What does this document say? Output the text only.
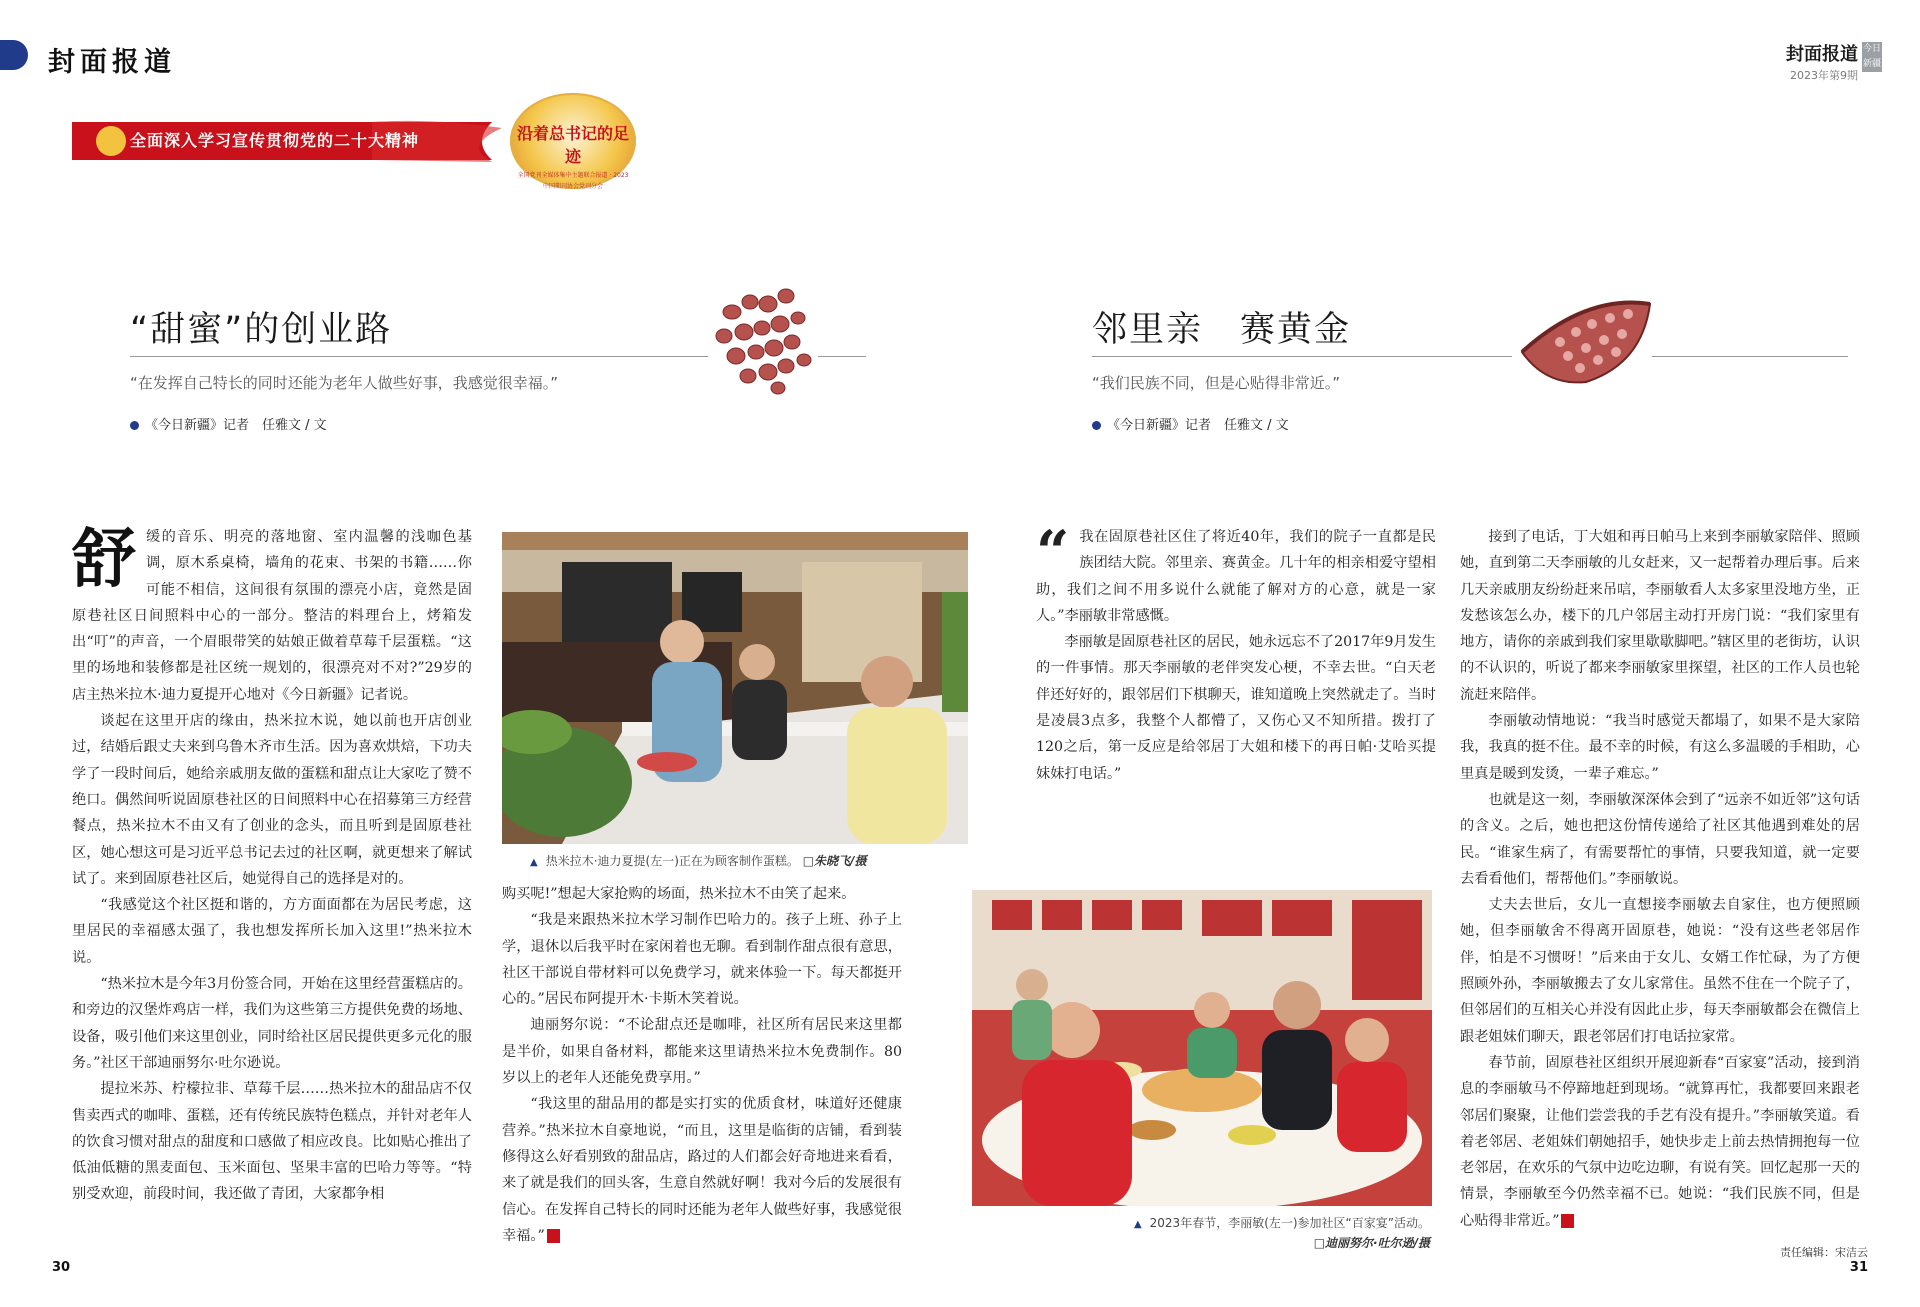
封面报道	封面报道
2023年第9期
今日新疆
全面深入学习宣传贯彻党的二十大精神	沿着总书记的足迹
全国党刊全媒体集中主题联合报道 · 2023
中国期刊协会党刊分会
“甜蜜”的创业路
“在发挥自己特长的同时还能为老年人做些好事，我感觉很幸福。”
《今日新疆》记者　任雅文 / 文
邻里亲　赛黄金
“我们民族不同，但是心贴得非常近。”
《今日新疆》记者　任雅文 / 文

舒缓的音乐、明亮的落地窗、室内温馨的浅咖色基调，原木系桌椅，墙角的花束、书架的书籍……你可能不相信，这间很有氛围的漂亮小店，竟然是固原巷社区日间照料中心的一部分。整洁的料理台上，烤箱发出“叮”的声音，一个眉眼带笑的姑娘正做着草莓千层蛋糕。“这里的场地和装修都是社区统一规划的，很漂亮对不对?”29岁的店主热米拉木·迪力夏提开心地对《今日新疆》记者说。

谈起在这里开店的缘由，热米拉木说，她以前也开店创业过，结婚后跟丈夫来到乌鲁木齐市生活。因为喜欢烘焙，下功夫学了一段时间后，她给亲戚朋友做的蛋糕和甜点让大家吃了赞不绝口。偶然间听说固原巷社区的日间照料中心在招募第三方经营餐点，热米拉木不由又有了创业的念头，而且听到是固原巷社区，她心想这可是习近平总书记去过的社区啊，就更想来了解试试了。来到固原巷社区后，她觉得自己的选择是对的。

“我感觉这个社区挺和谐的，方方面面都在为居民考虑，这里居民的幸福感太强了，我也想发挥所长加入这里!”热米拉木说。

“热米拉木是今年3月份签合同，开始在这里经营蛋糕店的。和旁边的汉堡炸鸡店一样，我们为这些第三方提供免费的场地、设备，吸引他们来这里创业，同时给社区居民提供更多元化的服务。”社区干部迪丽努尔·吐尔逊说。

提拉米苏、柠檬拉非、草莓千层……热米拉木的甜品店不仅售卖西式的咖啡、蛋糕，还有传统民族特色糕点，并针对老年人的饮食习惯对甜点的甜度和口感做了相应改良。比如贴心推出了低油低糖的黑麦面包、玉米面包、坚果丰富的巴哈力等等。“特别受欢迎，前段时间，我还做了青团，大家都争相

▲ 热米拉木·迪力夏提(左一)正在为顾客制作蛋糕。 □朱晓飞/摄

购买呢!”想起大家抢购的场面，热米拉木不由笑了起来。

“我是来跟热米拉木学习制作巴哈力的。孩子上班、孙子上学，退休以后我平时在家闲着也无聊。看到制作甜点很有意思，社区干部说自带材料可以免费学习，就来体验一下。每天都挺开心的。”居民布阿提开木·卡斯木笑着说。

迪丽努尔说：“不论甜点还是咖啡，社区所有居民来这里都是半价，如果自备材料，都能来这里请热米拉木免费制作。80岁以上的老年人还能免费享用。”

“我这里的甜品用的都是实打实的优质食材，味道好还健康营养。”热米拉木自豪地说，“而且，这里是临街的店铺，看到装修得这么好看别致的甜品店，路过的人们都会好奇地进来看看，来了就是我们的回头客，生意自然就好啊！我对今后的发展很有信心。在发挥自己特长的同时还能为老年人做些好事，我感觉很幸福。”	J

“ 我在固原巷社区住了将近40年，我们的院子一直都是民族团结大院。邻里亲、赛黄金。几十年的相亲相爱守望相助，我们之间不用多说什么就能了解对方的心意，就是一家人。”李丽敏非常感慨。

李丽敏是固原巷社区的居民，她永远忘不了2017年9月发生的一件事情。那天李丽敏的老伴突发心梗，不幸去世。“白天老伴还好好的，跟邻居们下棋聊天，谁知道晚上突然就走了。当时是凌晨3点多，我整个人都懵了，又伤心又不知所措。拨打了120之后，第一反应是给邻居丁大姐和楼下的再日帕·艾哈买提妹妹打电话。”

▲ 2023年春节，李丽敏(左一)参加社区“百家宴”活动。
□迪丽努尔·吐尔逊/摄

接到了电话，丁大姐和再日帕马上来到李丽敏家陪伴、照顾她，直到第二天李丽敏的儿女赶来，又一起帮着办理后事。后来几天亲戚朋友纷纷赶来吊唁，李丽敏看人太多家里没地方坐，正发愁该怎么办，楼下的几户邻居主动打开房门说：“我们家里有地方，请你的亲戚到我们家里歇歇脚吧。”辖区里的老街坊，认识的不认识的，听说了都来李丽敏家里探望，社区的工作人员也轮流赶来陪伴。

李丽敏动情地说：“我当时感觉天都塌了，如果不是大家陪我，我真的挺不住。最不幸的时候，有这么多温暖的手相助，心里真是暖到发烫，一辈子难忘。”

也就是这一刻，李丽敏深深体会到了“远亲不如近邻”这句话的含义。之后，她也把这份情传递给了社区其他遇到难处的居民。“谁家生病了，有需要帮忙的事情，只要我知道，就一定要去看看他们，帮帮他们。”李丽敏说。

丈夫去世后，女儿一直想接李丽敏去自家住，也方便照顾她，但李丽敏舍不得离开固原巷，她说：“没有这些老邻居作伴，怕是不习惯呀！”后来由于女儿、女婿工作忙碌，为了方便照顾外孙，李丽敏搬去了女儿家常住。虽然不住在一个院子了，但邻居们的互相关心并没有因此止步，每天李丽敏都会在微信上跟老姐妹们聊天，跟老邻居们打电话拉家常。

春节前，固原巷社区组织开展迎新春“百家宴”活动，接到消息的李丽敏马不停蹄地赶到现场。“就算再忙，我都要回来跟老邻居们聚聚，让他们尝尝我的手艺有没有提升。”李丽敏笑道。看着老邻居、老姐妹们朝她招手，她快步走上前去热情拥抱每一位老邻居，在欢乐的气氛中边吃边聊，有说有笑。回忆起那一天的情景，李丽敏至今仍然幸福不已。她说：“我们民族不同，但是心贴得非常近。”	J

30	31
责任编辑：宋洁云
